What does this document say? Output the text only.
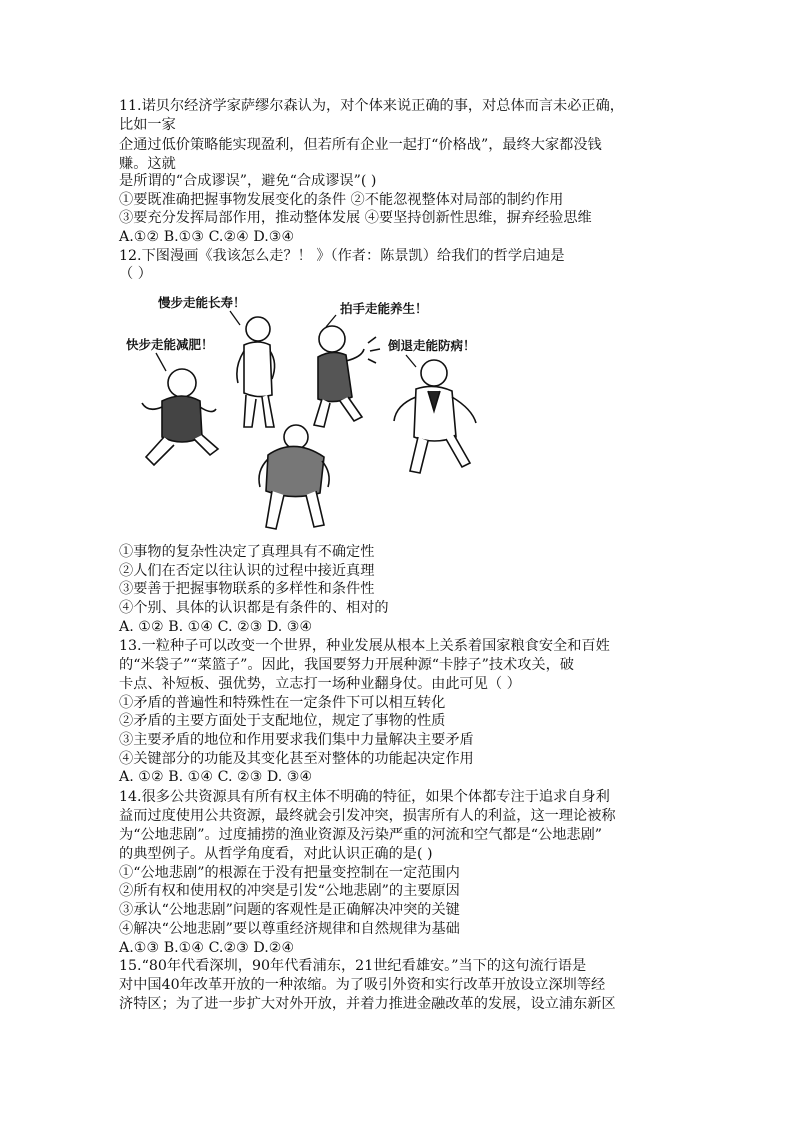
11.诺贝尔经济学家萨缪尔森认为，对个体来说正确的事，对总体而言未必正确，
比如一家
企通过低价策略能实现盈利，但若所有企业一起打“价格战”，最终大家都没钱
赚。这就
是所谓的“合成谬误”，避免“合成谬误”( )
①要既准确把握事物发展变化的条件 ②不能忽视整体对局部的制约作用
③要充分发挥局部作用，推动整体发展 ④要坚持创新性思维，摒弃经验思维
A.①② B.①③ C.②④ D.③④
12.下图漫画《我该怎么走？！ 》（作者：陈景凯）给我们的哲学启迪是
（ ）
慢步走能长寿！	拍手走能养生！
快步走能减肥！	倒退走能防病！
①事物的复杂性决定了真理具有不确定性
②人们在否定以往认识的过程中接近真理
③要善于把握事物联系的多样性和条件性
④个别、具体的认识都是有条件的、相对的
A. ①② B. ①④ C. ②③ D. ③④
13.一粒种子可以改变一个世界，种业发展从根本上关系着国家粮食安全和百姓
的“米袋子”“菜篮子”。因此，我国要努力开展种源“卡脖子”技术攻关，破
卡点、补短板、强优势，立志打一场种业翻身仗。由此可见（ ）
①矛盾的普遍性和特殊性在一定条件下可以相互转化
②矛盾的主要方面处于支配地位，规定了事物的性质
③主要矛盾的地位和作用要求我们集中力量解决主要矛盾
④关键部分的功能及其变化甚至对整体的功能起决定作用
A. ①② B. ①④ C. ②③ D. ③④
14.很多公共资源具有所有权主体不明确的特征，如果个体都专注于追求自身利
益而过度使用公共资源，最终就会引发冲突，损害所有人的利益，这一理论被称
为“公地悲剧”。过度捕捞的渔业资源及污染严重的河流和空气都是“公地悲剧”
的典型例子。从哲学角度看，对此认识正确的是( )
①“公地悲剧”的根源在于没有把量变控制在一定范围内
②所有权和使用权的冲突是引发“公地悲剧”的主要原因
③承认“公地悲剧”问题的客观性是正确解决冲突的关键
④解决“公地悲剧”要以尊重经济规律和自然规律为基础
A.①③ B.①④ C.②③ D.②④
15.“80年代看深圳，90年代看浦东，21世纪看雄安。”当下的这句流行语是
对中国40年改革开放的一种浓缩。为了吸引外资和实行改革开放设立深圳等经
济特区；为了进一步扩大对外开放，并着力推进金融改革的发展，设立浦东新区
